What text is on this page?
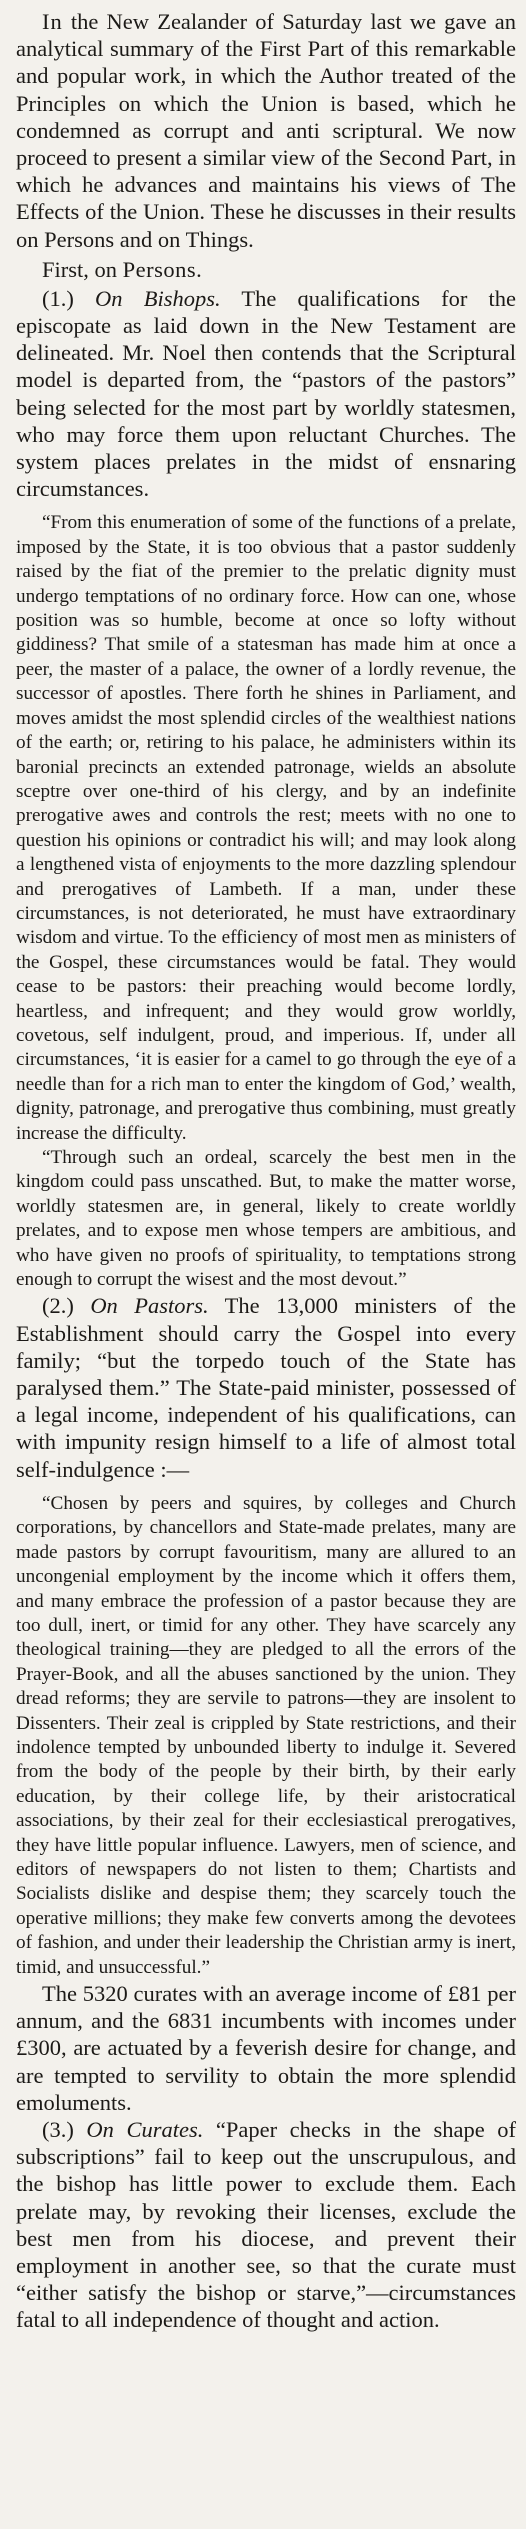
In the New Zealander of Saturday last we gave an analytical summary of the First Part of this remarkable and popular work, in which the Author treated of the Principles on which the Union is based, which he condemned as corrupt and anti scriptural. We now proceed to present a similar view of the Second Part, in which he advances and maintains his views of The Effects of the Union. These he discusses in their results on Persons and on Things.

First, on Persons.

(1.) On Bishops. The qualifications for the episcopate as laid down in the New Testament are delineated. Mr. Noel then contends that the Scriptural model is departed from, the “pastors of the pastors” being selected for the most part by worldly statesmen, who may force them upon reluctant Churches. The system places prelates in the midst of ensnaring circumstances.

“From this enumeration of some of the functions of a prelate, imposed by the State, it is too obvious that a pastor suddenly raised by the fiat of the premier to the prelatic dignity must undergo temptations of no ordinary force. How can one, whose position was so humble, become at once so lofty without giddiness? That smile of a statesman has made him at once a peer, the master of a palace, the owner of a lordly revenue, the successor of apostles. There forth he shines in Parliament, and moves amidst the most splendid circles of the wealthiest nations of the earth; or, retiring to his palace, he administers within its baronial precincts an extended patronage, wields an absolute sceptre over one-third of his clergy, and by an indefinite prerogative awes and controls the rest; meets with no one to question his opinions or contradict his will; and may look along a lengthened vista of enjoyments to the more dazzling splendour and prerogatives of Lambeth. If a man, under these circumstances, is not deteriorated, he must have extraordinary wisdom and virtue. To the efficiency of most men as ministers of the Gospel, these circumstances would be fatal. They would cease to be pastors: their preaching would become lordly, heartless, and infrequent; and they would grow worldly, covetous, self indulgent, proud, and imperious. If, under all circumstances, ‘it is easier for a camel to go through the eye of a needle than for a rich man to enter the kingdom of God,’ wealth, dignity, patronage, and prerogative thus combining, must greatly increase the difficulty.

“Through such an ordeal, scarcely the best men in the kingdom could pass unscathed. But, to make the matter worse, worldly statesmen are, in general, likely to create worldly prelates, and to expose men whose tempers are ambitious, and who have given no proofs of spirituality, to temptations strong enough to corrupt the wisest and the most devout.”

(2.) On Pastors. The 13,000 ministers of the Establishment should carry the Gospel into every family; “but the torpedo touch of the State has paralysed them.” The State-paid minister, possessed of a legal income, independent of his qualifications, can with impunity resign himself to a life of almost total self-indulgence :—

“Chosen by peers and squires, by colleges and Church corporations, by chancellors and State-made prelates, many are made pastors by corrupt favouritism, many are allured to an uncongenial employment by the income which it offers them, and many embrace the profession of a pastor because they are too dull, inert, or timid for any other. They have scarcely any theological training—they are pledged to all the errors of the Prayer-Book, and all the abuses sanctioned by the union. They dread reforms; they are servile to patrons—they are insolent to Dissenters. Their zeal is crippled by State restrictions, and their indolence tempted by unbounded liberty to indulge it. Severed from the body of the people by their birth, by their early education, by their college life, by their aristocratical associations, by their zeal for their ecclesiastical prerogatives, they have little popular influence. Lawyers, men of science, and editors of newspapers do not listen to them; Chartists and Socialists dislike and despise them; they scarcely touch the operative millions; they make few converts among the devotees of fashion, and under their leadership the Christian army is inert, timid, and unsuccessful.”

The 5320 curates with an average income of £81 per annum, and the 6831 incumbents with incomes under £300, are actuated by a feverish desire for change, and are tempted to servility to obtain the more splendid emoluments.

(3.) On Curates. “Paper checks in the shape of subscriptions” fail to keep out the unscrupulous, and the bishop has little power to exclude them. Each prelate may, by revoking their licenses, exclude the best men from his diocese, and prevent their employment in another see, so that the curate must “either satisfy the bishop or starve,”—circumstances fatal to all independence of thought and action.
